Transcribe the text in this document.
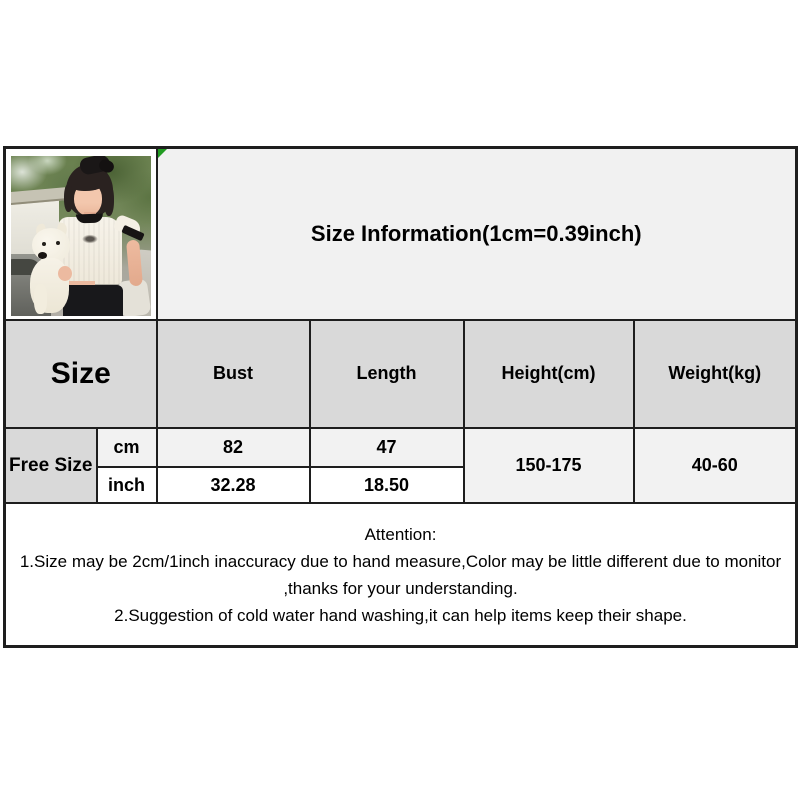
Size Information(1cm=0.39inch)			
Size		Bust	Length	Height(cm)	Weight(kg)
Free Size	cm	82	47	150-175	40-60
	inch	32.28	18.50		

Attention:
1.Size may be 2cm/1inch inaccuracy due to hand measure,Color may be little different due to monitor ,thanks for your understanding.
2.Suggestion of cold water hand washing,it can help items keep their shape.					
